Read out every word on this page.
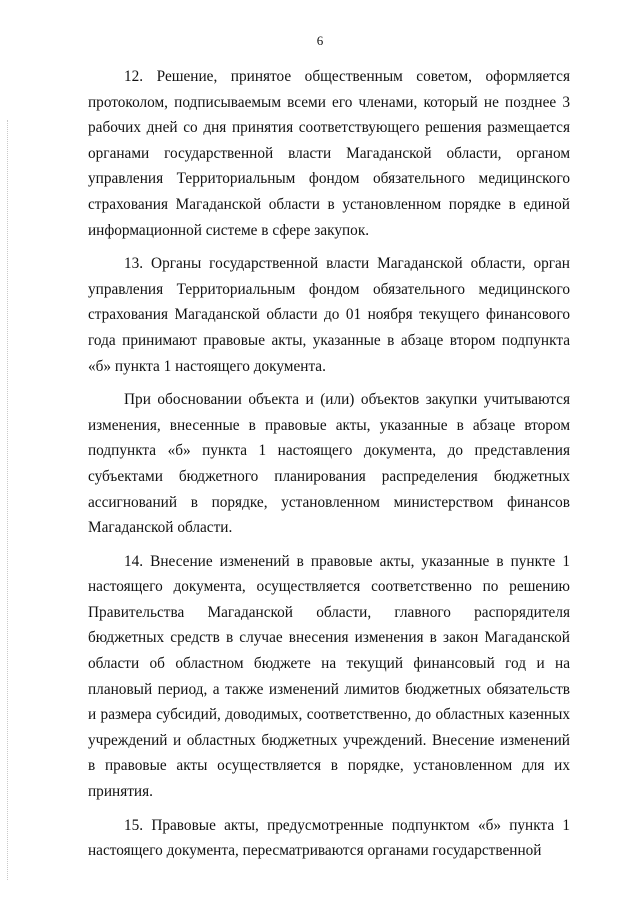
6

12. Решение, принятое общественным советом, оформляется протоколом, подписываемым всеми его членами, который не позднее 3 рабочих дней со дня принятия соответствующего решения размещается органами государственной власти Магаданской области, органом управления Территориальным фондом обязательного медицинского страхования Магаданской области в установленном порядке в единой информационной системе в сфере закупок.

13. Органы государственной власти Магаданской области, орган управления Территориальным фондом обязательного медицинского страхования Магаданской области до 01 ноября текущего финансового года принимают правовые акты, указанные в абзаце втором подпункта «б» пункта 1 настоящего документа.

При обосновании объекта и (или) объектов закупки учитываются изменения, внесенные в правовые акты, указанные в абзаце втором подпункта «б» пункта 1 настоящего документа, до представления субъектами бюджетного планирования распределения бюджетных ассигнований в порядке, установленном министерством финансов Магаданской области.

14. Внесение изменений в правовые акты, указанные в пункте 1 настоящего документа, осуществляется соответственно по решению Правительства Магаданской области, главного распорядителя бюджетных средств в случае внесения изменения в закон Магаданской области об областном бюджете на текущий финансовый год и на плановый период, а также изменений лимитов бюджетных обязательств и размера субсидий, доводимых, соответственно, до областных казенных учреждений и областных бюджетных учреждений. Внесение изменений в правовые акты осуществляется в порядке, установленном для их принятия.

15. Правовые акты, предусмотренные подпунктом «б» пункта 1 настоящего документа, пересматриваются органами государственной
